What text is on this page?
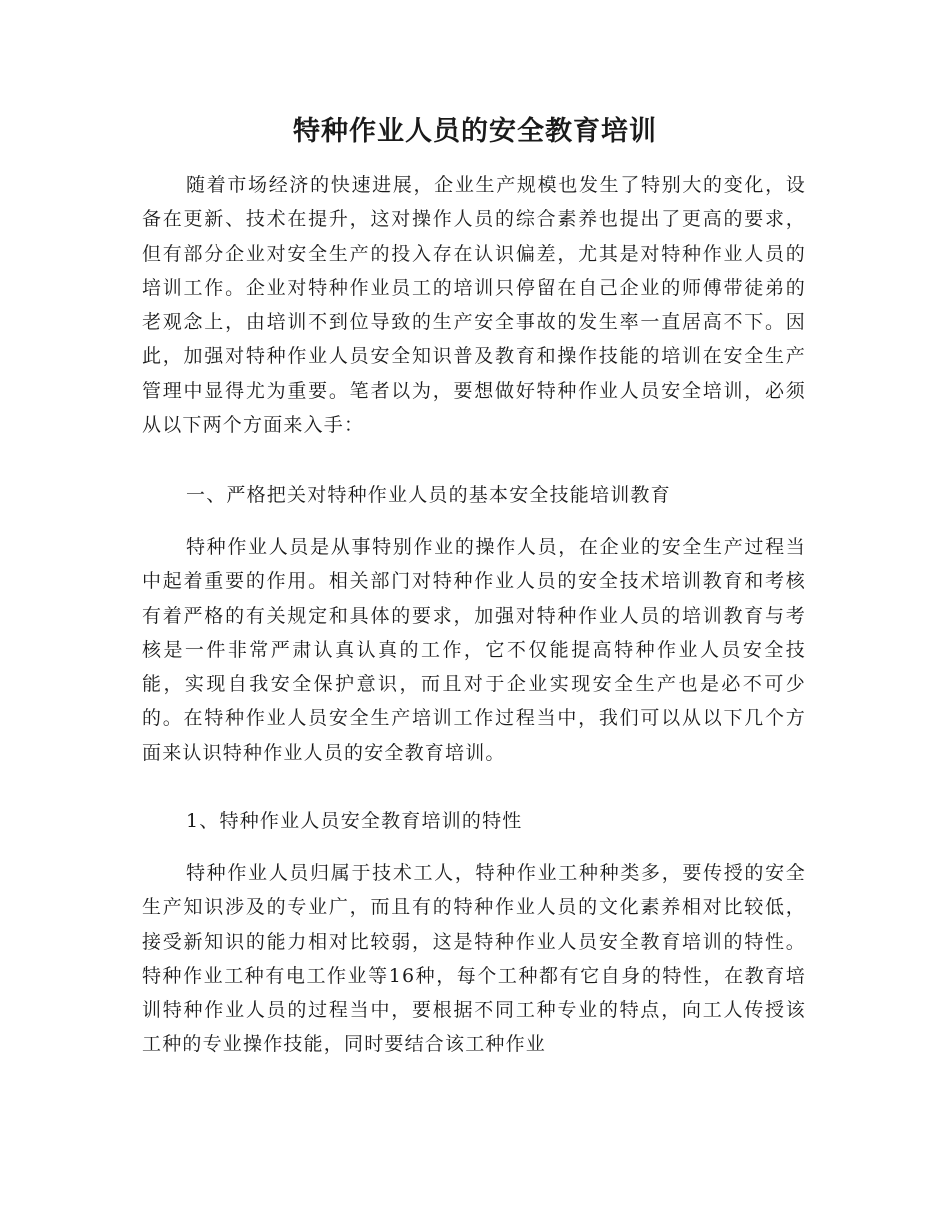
特种作业人员的安全教育培训

随着市场经济的快速进展，企业生产规模也发生了特别大的变化，设备在更新、技术在提升，这对操作人员的综合素养也提出了更高的要求，但有部分企业对安全生产的投入存在认识偏差，尤其是对特种作业人员的培训工作。企业对特种作业员工的培训只停留在自己企业的师傅带徒弟的老观念上，由培训不到位导致的生产安全事故的发生率一直居高不下。因此，加强对特种作业人员安全知识普及教育和操作技能的培训在安全生产管理中显得尤为重要。笔者以为，要想做好特种作业人员安全培训，必须从以下两个方面来入手：

一、严格把关对特种作业人员的基本安全技能培训教育

特种作业人员是从事特别作业的操作人员，在企业的安全生产过程当中起着重要的作用。相关部门对特种作业人员的安全技术培训教育和考核有着严格的有关规定和具体的要求，加强对特种作业人员的培训教育与考核是一件非常严肃认真认真的工作，它不仅能提高特种作业人员安全技能，实现自我安全保护意识，而且对于企业实现安全生产也是必不可少的。在特种作业人员安全生产培训工作过程当中，我们可以从以下几个方面来认识特种作业人员的安全教育培训。

1、特种作业人员安全教育培训的特性

特种作业人员归属于技术工人，特种作业工种种类多，要传授的安全生产知识涉及的专业广，而且有的特种作业人员的文化素养相对比较低，接受新知识的能力相对比较弱，这是特种作业人员安全教育培训的特性。特种作业工种有电工作业等16种，每个工种都有它自身的特性，在教育培训特种作业人员的过程当中，要根据不同工种专业的特点，向工人传授该工种的专业操作技能，同时要结合该工种作业
